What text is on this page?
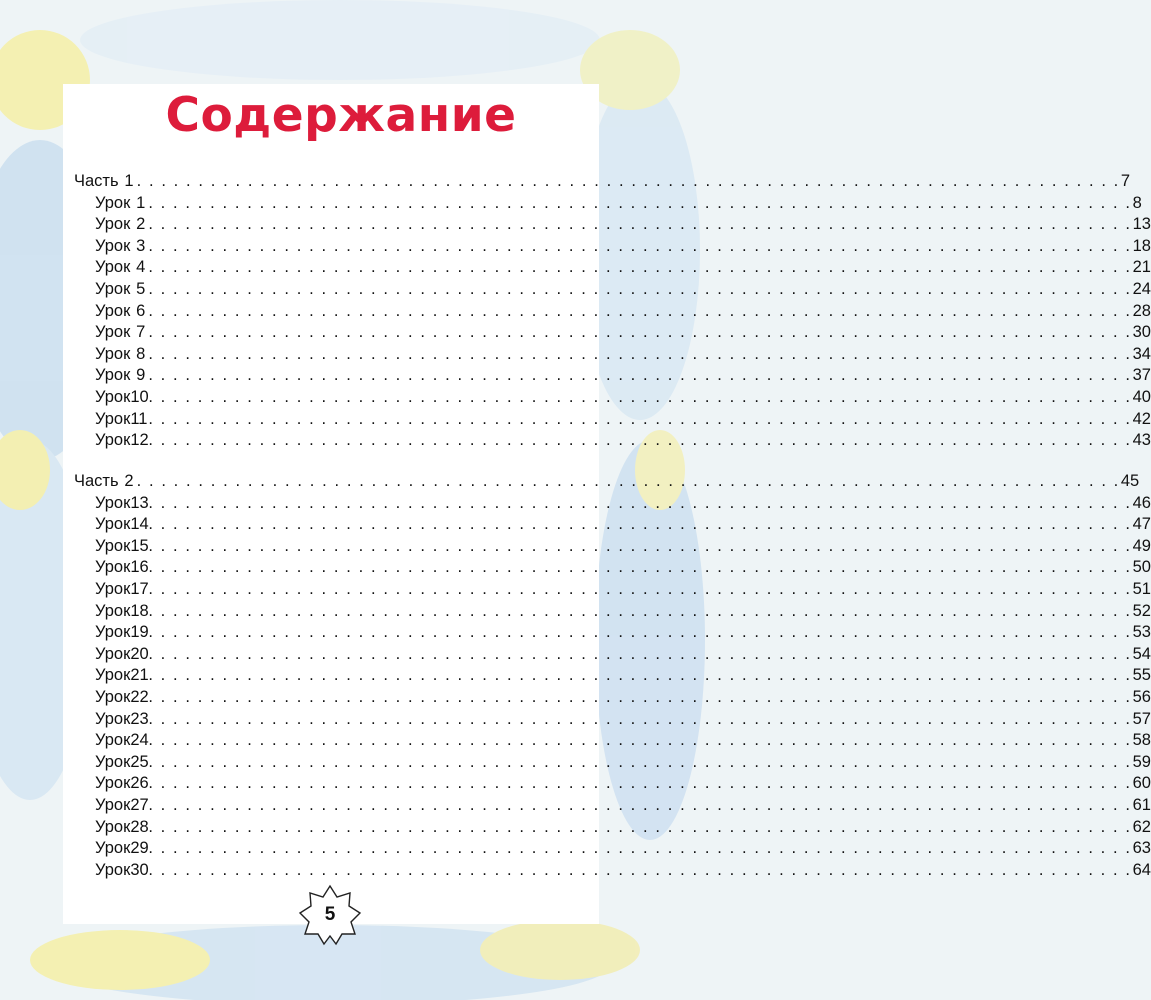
Содержание
Часть 1 . . . . . . . . . . . . . . . . . . . . . . . . . . . . . . . . . . . . . . . . . . . . . . . . . . . . . . . . . . . . . . . . . . . . . . . . . . . . . . . . 7
Урок 1 . . . . . . . . . . . . . . . . . . . . . . . . . . . . . . . . . . . . . . . . . . . . . . . . . . . . . . . . . . . . . . . . . . . . . . . . . . . . . . . . 8
Урок 2 . . . . . . . . . . . . . . . . . . . . . . . . . . . . . . . . . . . . . . . . . . . . . . . . . . . . . . . . . . . . . . . . . . . . . . . . . . . . . . . . 13
Урок 3 . . . . . . . . . . . . . . . . . . . . . . . . . . . . . . . . . . . . . . . . . . . . . . . . . . . . . . . . . . . . . . . . . . . . . . . . . . . . . . . . 18
Урок 4 . . . . . . . . . . . . . . . . . . . . . . . . . . . . . . . . . . . . . . . . . . . . . . . . . . . . . . . . . . . . . . . . . . . . . . . . . . . . . . . . 21
Урок 5 . . . . . . . . . . . . . . . . . . . . . . . . . . . . . . . . . . . . . . . . . . . . . . . . . . . . . . . . . . . . . . . . . . . . . . . . . . . . . . . . 24
Урок 6 . . . . . . . . . . . . . . . . . . . . . . . . . . . . . . . . . . . . . . . . . . . . . . . . . . . . . . . . . . . . . . . . . . . . . . . . . . . . . . . . 28
Урок 7 . . . . . . . . . . . . . . . . . . . . . . . . . . . . . . . . . . . . . . . . . . . . . . . . . . . . . . . . . . . . . . . . . . . . . . . . . . . . . . . . 30
Урок 8 . . . . . . . . . . . . . . . . . . . . . . . . . . . . . . . . . . . . . . . . . . . . . . . . . . . . . . . . . . . . . . . . . . . . . . . . . . . . . . . . 34
Урок 9 . . . . . . . . . . . . . . . . . . . . . . . . . . . . . . . . . . . . . . . . . . . . . . . . . . . . . . . . . . . . . . . . . . . . . . . . . . . . . . . . 37
Урок 10 . . . . . . . . . . . . . . . . . . . . . . . . . . . . . . . . . . . . . . . . . . . . . . . . . . . . . . . . . . . . . . . . . . . . . . . . . . . . . . . . 40
Урок 11 . . . . . . . . . . . . . . . . . . . . . . . . . . . . . . . . . . . . . . . . . . . . . . . . . . . . . . . . . . . . . . . . . . . . . . . . . . . . . . . . 42
Урок 12 . . . . . . . . . . . . . . . . . . . . . . . . . . . . . . . . . . . . . . . . . . . . . . . . . . . . . . . . . . . . . . . . . . . . . . . . . . . . . . . . 43
Часть 2 . . . . . . . . . . . . . . . . . . . . . . . . . . . . . . . . . . . . . . . . . . . . . . . . . . . . . . . . . . . . . . . . . . . . . . . . . . . . . . . . 45
Урок 13 . . . . . . . . . . . . . . . . . . . . . . . . . . . . . . . . . . . . . . . . . . . . . . . . . . . . . . . . . . . . . . . . . . . . . . . . . . . . . . . . 46
Урок 14 . . . . . . . . . . . . . . . . . . . . . . . . . . . . . . . . . . . . . . . . . . . . . . . . . . . . . . . . . . . . . . . . . . . . . . . . . . . . . . . . 47
Урок 15 . . . . . . . . . . . . . . . . . . . . . . . . . . . . . . . . . . . . . . . . . . . . . . . . . . . . . . . . . . . . . . . . . . . . . . . . . . . . . . . . 49
Урок 16 . . . . . . . . . . . . . . . . . . . . . . . . . . . . . . . . . . . . . . . . . . . . . . . . . . . . . . . . . . . . . . . . . . . . . . . . . . . . . . . . 50
Урок 17 . . . . . . . . . . . . . . . . . . . . . . . . . . . . . . . . . . . . . . . . . . . . . . . . . . . . . . . . . . . . . . . . . . . . . . . . . . . . . . . . 51
Урок 18 . . . . . . . . . . . . . . . . . . . . . . . . . . . . . . . . . . . . . . . . . . . . . . . . . . . . . . . . . . . . . . . . . . . . . . . . . . . . . . . . 52
Урок 19 . . . . . . . . . . . . . . . . . . . . . . . . . . . . . . . . . . . . . . . . . . . . . . . . . . . . . . . . . . . . . . . . . . . . . . . . . . . . . . . . 53
Урок 20 . . . . . . . . . . . . . . . . . . . . . . . . . . . . . . . . . . . . . . . . . . . . . . . . . . . . . . . . . . . . . . . . . . . . . . . . . . . . . . . . 54
Урок 21 . . . . . . . . . . . . . . . . . . . . . . . . . . . . . . . . . . . . . . . . . . . . . . . . . . . . . . . . . . . . . . . . . . . . . . . . . . . . . . . . 55
Урок 22 . . . . . . . . . . . . . . . . . . . . . . . . . . . . . . . . . . . . . . . . . . . . . . . . . . . . . . . . . . . . . . . . . . . . . . . . . . . . . . . . 56
Урок 23 . . . . . . . . . . . . . . . . . . . . . . . . . . . . . . . . . . . . . . . . . . . . . . . . . . . . . . . . . . . . . . . . . . . . . . . . . . . . . . . . 57
Урок 24 . . . . . . . . . . . . . . . . . . . . . . . . . . . . . . . . . . . . . . . . . . . . . . . . . . . . . . . . . . . . . . . . . . . . . . . . . . . . . . . . 58
Урок 25 . . . . . . . . . . . . . . . . . . . . . . . . . . . . . . . . . . . . . . . . . . . . . . . . . . . . . . . . . . . . . . . . . . . . . . . . . . . . . . . . 59
Урок 26 . . . . . . . . . . . . . . . . . . . . . . . . . . . . . . . . . . . . . . . . . . . . . . . . . . . . . . . . . . . . . . . . . . . . . . . . . . . . . . . . 60
Урок 27 . . . . . . . . . . . . . . . . . . . . . . . . . . . . . . . . . . . . . . . . . . . . . . . . . . . . . . . . . . . . . . . . . . . . . . . . . . . . . . . . 61
Урок 28 . . . . . . . . . . . . . . . . . . . . . . . . . . . . . . . . . . . . . . . . . . . . . . . . . . . . . . . . . . . . . . . . . . . . . . . . . . . . . . . . 62
Урок 29 . . . . . . . . . . . . . . . . . . . . . . . . . . . . . . . . . . . . . . . . . . . . . . . . . . . . . . . . . . . . . . . . . . . . . . . . . . . . . . . . 63
Урок 30 . . . . . . . . . . . . . . . . . . . . . . . . . . . . . . . . . . . . . . . . . . . . . . . . . . . . . . . . . . . . . . . . . . . . . . . . . . . . . . . . 64
5
